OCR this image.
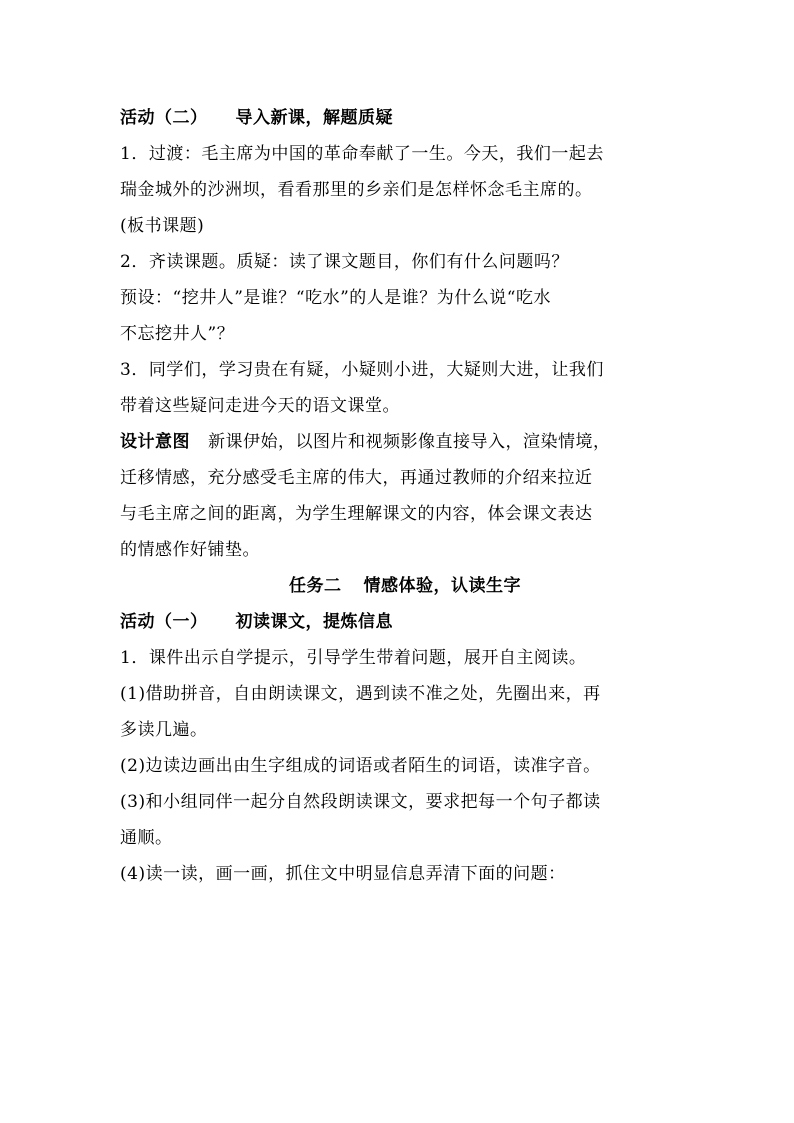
活动（二） 导入新课，解题质疑
1．过渡：毛主席为中国的革命奉献了一生。今天，我们一起去
瑞金城外的沙洲坝，看看那里的乡亲们是怎样怀念毛主席的。
(板书课题)
2．齐读课题。质疑：读了课文题目，你们有什么问题吗？
预设：“挖井人”是谁？“吃水”的人是谁？为什么说“吃水
不忘挖井人”？
3．同学们，学习贵在有疑，小疑则小进，大疑则大进，让我们
带着这些疑问走进今天的语文课堂。
设计意图 新课伊始，以图片和视频影像直接导入，渲染情境，
迁移情感，充分感受毛主席的伟大，再通过教师的介绍来拉近
与毛主席之间的距离，为学生理解课文的内容，体会课文表达
的情感作好铺垫。
任务二 情感体验，认读生字
活动（一） 初读课文，提炼信息
1．课件出示自学提示，引导学生带着问题，展开自主阅读。
(1)借助拼音，自由朗读课文，遇到读不准之处，先圈出来，再
多读几遍。
(2)边读边画出由生字组成的词语或者陌生的词语，读准字音。
(3)和小组同伴一起分自然段朗读课文，要求把每一个句子都读
通顺。
(4)读一读，画一画，抓住文中明显信息弄清下面的问题：
